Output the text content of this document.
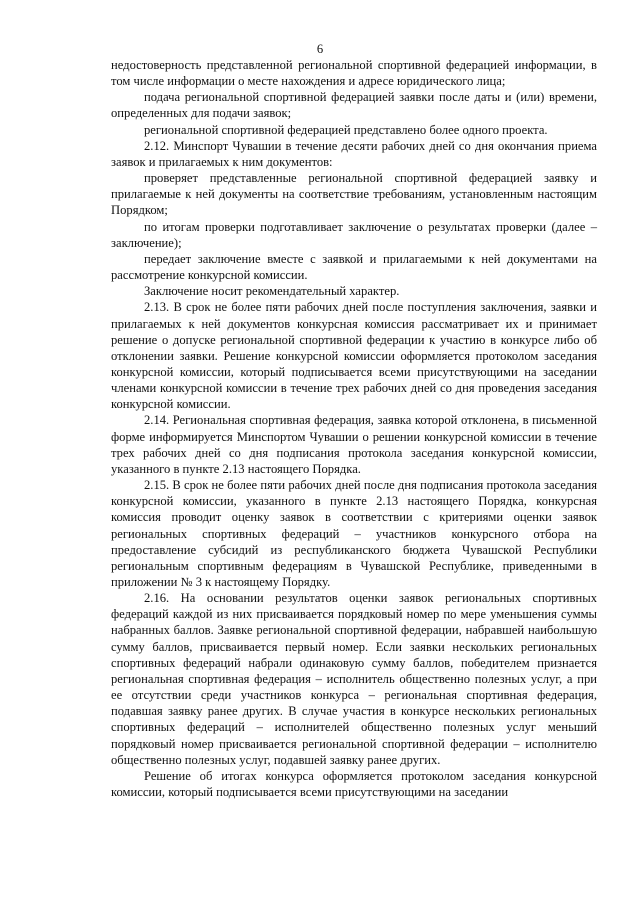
6

недостоверность представленной региональной спортивной федерацией информации, в том числе информации о месте нахождения и адресе юридического лица;

подача региональной спортивной федерацией заявки после даты и (или) времени, определенных для подачи заявок;

региональной спортивной федерацией представлено более одного проекта.

2.12. Минспорт Чувашии в течение десяти рабочих дней со дня окончания приема заявок и прилагаемых к ним документов:

проверяет представленные региональной спортивной федерацией заявку и прилагаемые к ней документы на соответствие требованиям, установленным настоящим Порядком;

по итогам проверки подготавливает заключение о результатах проверки (далее – заключение);

передает заключение вместе с заявкой и прилагаемыми к ней документами на рассмотрение конкурсной комиссии.

Заключение носит рекомендательный характер.

2.13. В срок не более пяти рабочих дней после поступления заключения, заявки и прилагаемых к ней документов конкурсная комиссия рассматривает их и принимает решение о допуске региональной спортивной федерации к участию в конкурсе либо об отклонении заявки. Решение конкурсной комиссии оформляется протоколом заседания конкурсной комиссии, который подписывается всеми присутствующими на заседании членами конкурсной комиссии в течение трех рабочих дней со дня проведения заседания конкурсной комиссии.

2.14. Региональная спортивная федерация, заявка которой отклонена, в письменной форме информируется Минспортом Чувашии о решении конкурсной комиссии в течение трех рабочих дней со дня подписания протокола заседания конкурсной комиссии, указанного в пункте 2.13 настоящего Порядка.

2.15. В срок не более пяти рабочих дней после дня подписания протокола заседания конкурсной комиссии, указанного в пункте 2.13 настоящего Порядка, конкурсная комиссия проводит оценку заявок в соответствии с критериями оценки заявок региональных спортивных федераций – участников конкурсного отбора на предоставление субсидий из республиканского бюджета Чувашской Республики региональным спортивным федерациям в Чувашской Республике, приведенными в приложении № 3 к настоящему Порядку.

2.16. На основании результатов оценки заявок региональных спортивных федераций каждой из них присваивается порядковый номер по мере уменьшения суммы набранных баллов. Заявке региональной спортивной федерации, набравшей наибольшую сумму баллов, присваивается первый номер. Если заявки нескольких региональных спортивных федераций набрали одинаковую сумму баллов, победителем признается региональная спортивная федерация – исполнитель общественно полезных услуг, а при ее отсутствии среди участников конкурса – региональная спортивная федерация, подавшая заявку ранее других. В случае участия в конкурсе нескольких региональных спортивных федераций – исполнителей общественно полезных услуг меньший порядковый номер присваивается региональной спортивной федерации – исполнителю общественно полезных услуг, подавшей заявку ранее других.

Решение об итогах конкурса оформляется протоколом заседания конкурсной комиссии, который подписывается всеми присутствующими на заседании
